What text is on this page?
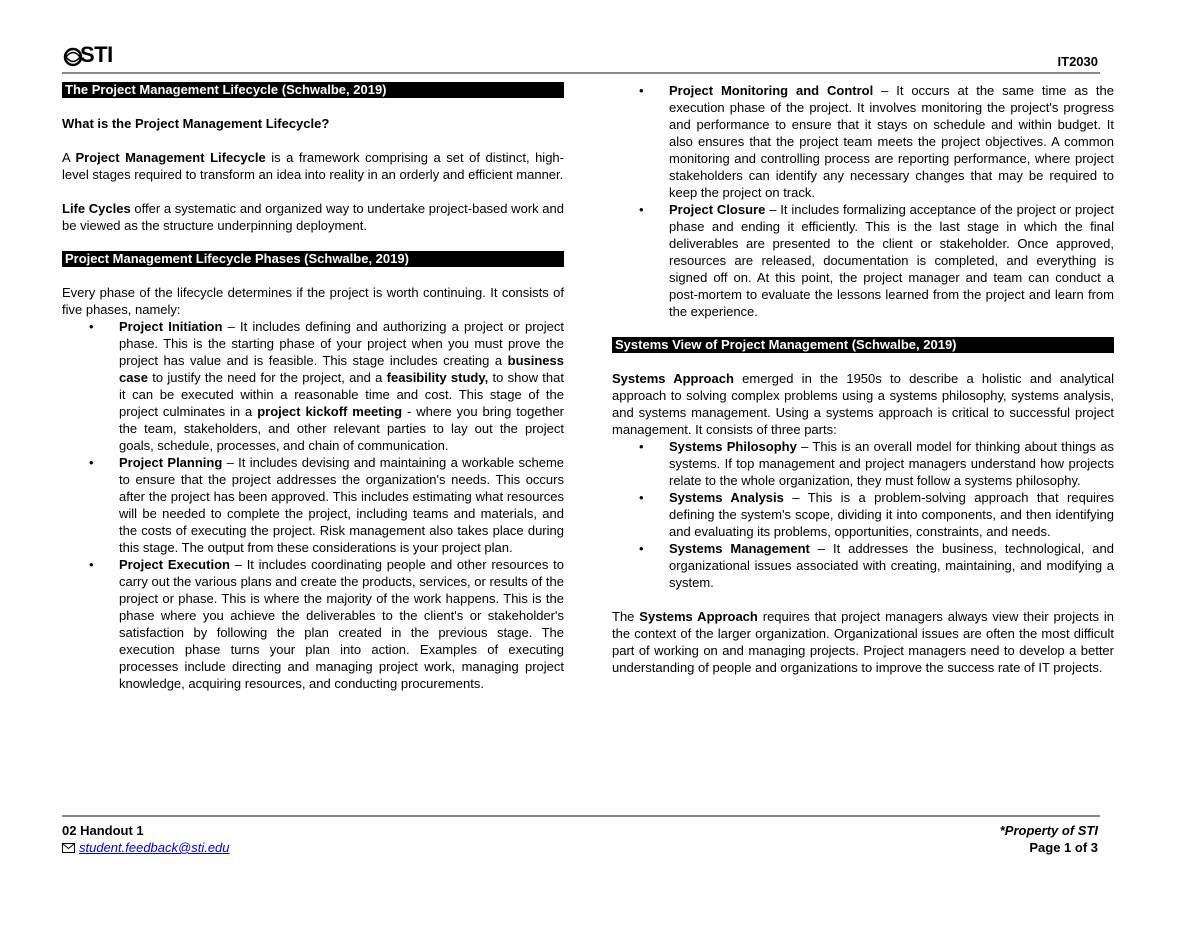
STI	IT2030
The Project Management Lifecycle (Schwalbe, 2019)

What is the Project Management Lifecycle?

A Project Management Lifecycle is a framework comprising a set of distinct, high-level stages required to transform an idea into reality in an orderly and efficient manner.

Life Cycles offer a systematic and organized way to undertake project-based work and be viewed as the structure underpinning deployment.

Project Management Lifecycle Phases (Schwalbe, 2019)

Every phase of the lifecycle determines if the project is worth continuing. It consists of five phases, namely:

• Project Initiation – It includes defining and authorizing a project or project phase. This is the starting phase of your project when you must prove the project has value and is feasible. This stage includes creating a business case to justify the need for the project, and a feasibility study, to show that it can be executed within a reasonable time and cost. This stage of the project culminates in a project kickoff meeting - where you bring together the team, stakeholders, and other relevant parties to lay out the project goals, schedule, processes, and chain of communication.
• Project Planning – It includes devising and maintaining a workable scheme to ensure that the project addresses the organization's needs. This occurs after the project has been approved. This includes estimating what resources will be needed to complete the project, including teams and materials, and the costs of executing the project. Risk management also takes place during this stage. The output from these considerations is your project plan.
• Project Execution – It includes coordinating people and other resources to carry out the various plans and create the products, services, or results of the project or phase. This is where the majority of the work happens. This is the phase where you achieve the deliverables to the client's or stakeholder's satisfaction by following the plan created in the previous stage. The execution phase turns your plan into action. Examples of executing processes include directing and managing project work, managing project knowledge, acquiring resources, and conducting procurements.
• Project Monitoring and Control – It occurs at the same time as the execution phase of the project. It involves monitoring the project's progress and performance to ensure that it stays on schedule and within budget. It also ensures that the project team meets the project objectives. A common monitoring and controlling process are reporting performance, where project stakeholders can identify any necessary changes that may be required to keep the project on track.
• Project Closure – It includes formalizing acceptance of the project or project phase and ending it efficiently. This is the last stage in which the final deliverables are presented to the client or stakeholder. Once approved, resources are released, documentation is completed, and everything is signed off on. At this point, the project manager and team can conduct a post-mortem to evaluate the lessons learned from the project and learn from the experience.
Systems View of Project Management (Schwalbe, 2019)

Systems Approach emerged in the 1950s to describe a holistic and analytical approach to solving complex problems using a systems philosophy, systems analysis, and systems management. Using a systems approach is critical to successful project management. It consists of three parts:

• Systems Philosophy – This is an overall model for thinking about things as systems. If top management and project managers understand how projects relate to the whole organization, they must follow a systems philosophy.
• Systems Analysis – This is a problem-solving approach that requires defining the system's scope, dividing it into components, and then identifying and evaluating its problems, opportunities, constraints, and needs.
• Systems Management – It addresses the business, technological, and organizational issues associated with creating, maintaining, and modifying a system.

The Systems Approach requires that project managers always view their projects in the context of the larger organization. Organizational issues are often the most difficult part of working on and managing projects. Project managers need to develop a better understanding of people and organizations to improve the success rate of IT projects.

02 Handout 1
student.feedback@sti.edu
*Property of STI
Page 1 of 3
